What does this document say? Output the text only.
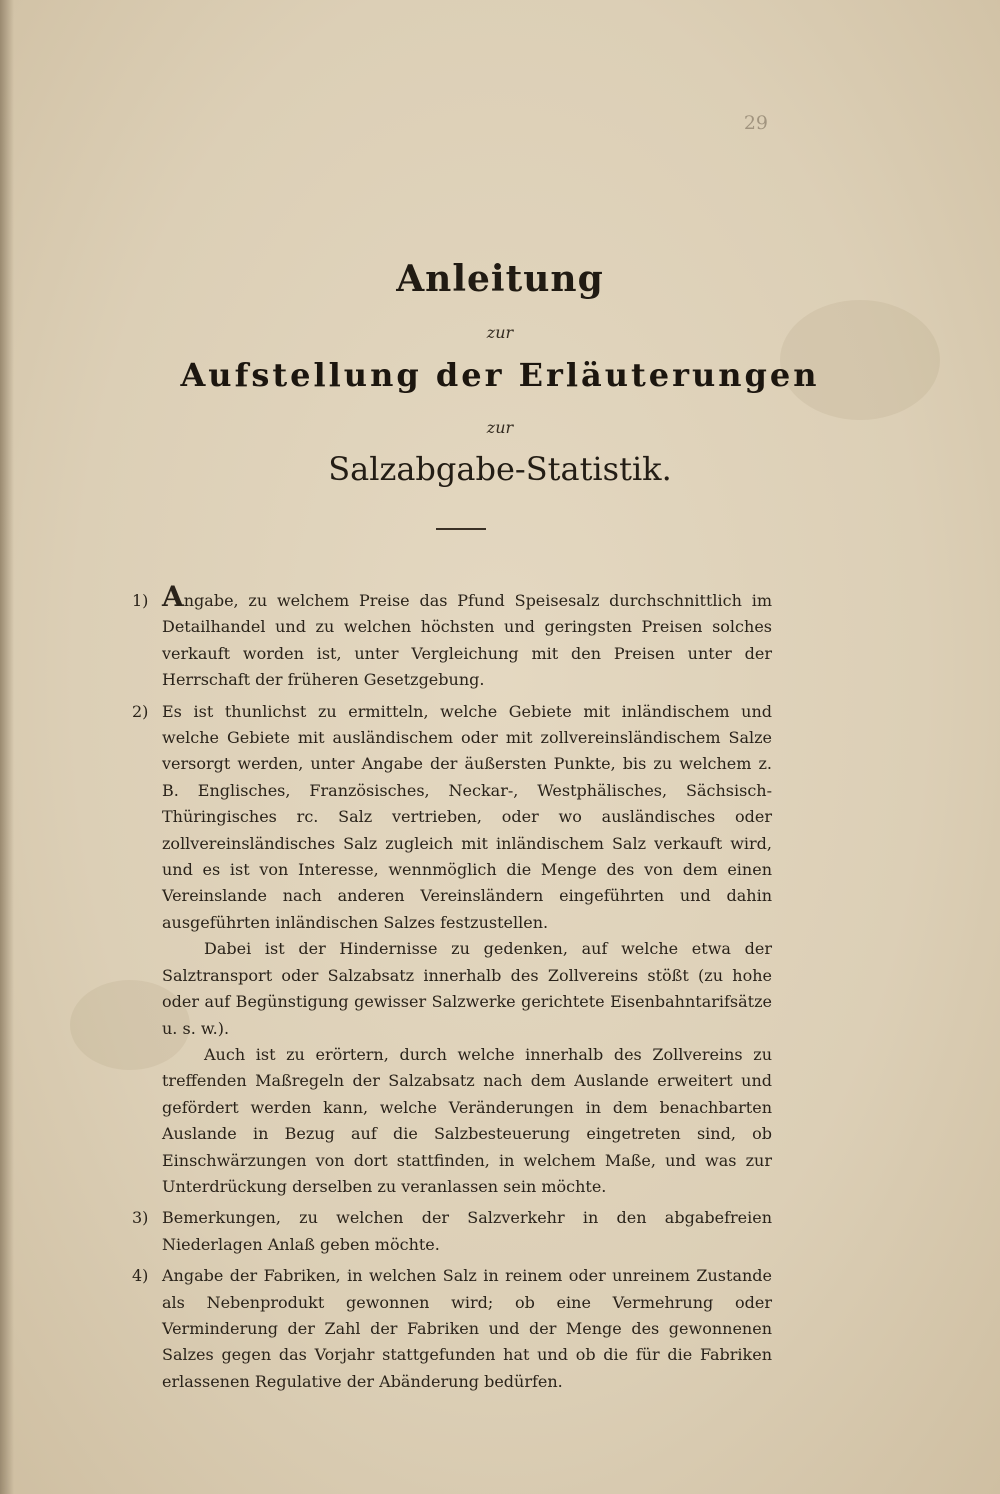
29
Anleitung
zur
Aufstellung der Erläuterungen
zur
Salzabgabe-Statistik.
1) Angabe, zu welchem Preise das Pfund Speisesalz durchschnittlich im Detailhandel und zu welchen höchsten und geringsten Preisen solches verkauft worden ist, unter Vergleichung mit den Preisen unter der Herrschaft der früheren Gesetzgebung.

2) Es ist thunlichst zu ermitteln, welche Gebiete mit inländischem und welche Gebiete mit ausländischem oder mit zollvereinsländischem Salze versorgt werden, unter Angabe der äußersten Punkte, bis zu welchem z. B. Englisches, Französisches, Neckar-, Westphälisches, Sächsisch-Thüringisches rc. Salz vertrieben, oder wo ausländisches oder zollvereinsländisches Salz zugleich mit inländischem Salz verkauft wird, und es ist von Interesse, wennmöglich die Menge des von dem einen Vereinslande nach anderen Vereinsländern eingeführten und dahin ausgeführten inländischen Salzes festzustellen.

Dabei ist der Hindernisse zu gedenken, auf welche etwa der Salztransport oder Salzabsatz innerhalb des Zollvereins stößt (zu hohe oder auf Begünstigung gewisser Salzwerke gerichtete Eisenbahntarifsätze u. s. w.).

Auch ist zu erörtern, durch welche innerhalb des Zollvereins zu treffenden Maßregeln der Salzabsatz nach dem Auslande erweitert und gefördert werden kann, welche Veränderungen in dem benachbarten Auslande in Bezug auf die Salzbesteuerung eingetreten sind, ob Einschwärzungen von dort stattfinden, in welchem Maße, und was zur Unterdrückung derselben zu veranlassen sein möchte.

3) Bemerkungen, zu welchen der Salzverkehr in den abgabefreien Niederlagen Anlaß geben möchte.

4) Angabe der Fabriken, in welchen Salz in reinem oder unreinem Zustande als Nebenprodukt gewonnen wird; ob eine Vermehrung oder Verminderung der Zahl der Fabriken und der Menge des gewonnenen Salzes gegen das Vorjahr stattgefunden hat und ob die für die Fabriken erlassenen Regulative der Abänderung bedürfen.
